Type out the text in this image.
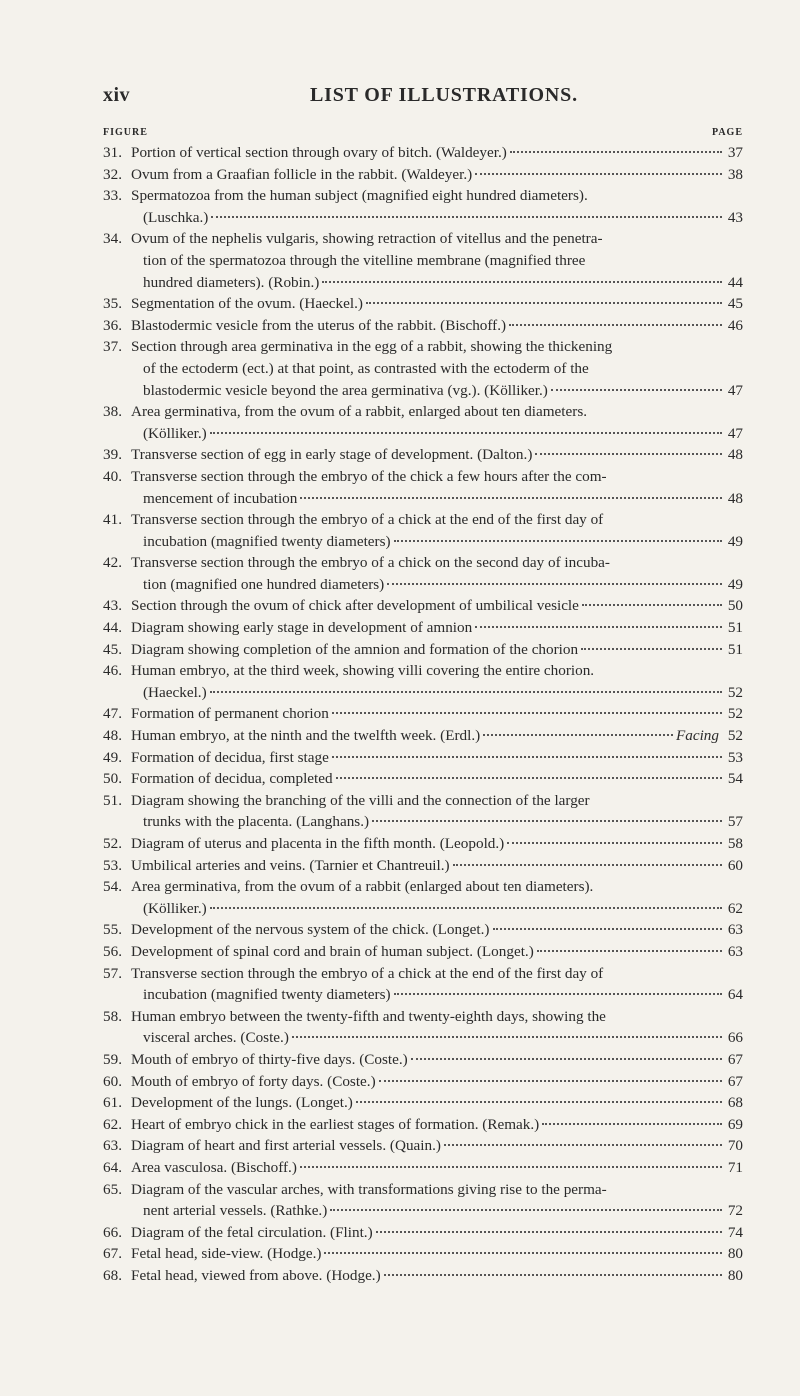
xiv	LIST OF ILLUSTRATIONS.
FIGURE	PAGE
31. Portion of vertical section through ovary of bitch. (Waldeyer.)	37
32. Ovum from a Graafian follicle in the rabbit. (Waldeyer.)	38
33. Spermatozoa from the human subject (magnified eight hundred diameters).
(Luschka.)	43
34. Ovum of the nephelis vulgaris, showing retraction of vitellus and the penetra-
tion of the spermatozoa through the vitelline membrane (magnified three
hundred diameters). (Robin.)	44
35. Segmentation of the ovum. (Haeckel.)	45
36. Blastodermic vesicle from the uterus of the rabbit. (Bischoff.)	46
37. Section through area germinativa in the egg of a rabbit, showing the thickening
of the ectoderm (ect.) at that point, as contrasted with the ectoderm of the
blastodermic vesicle beyond the area germinativa (vg.). (Kölliker.)	47
38. Area germinativa, from the ovum of a rabbit, enlarged about ten diameters.
(Kölliker.)	47
39. Transverse section of egg in early stage of development. (Dalton.)	48
40. Transverse section through the embryo of the chick a few hours after the com-
mencement of incubation	48
41. Transverse section through the embryo of a chick at the end of the first day of
incubation (magnified twenty diameters)	49
42. Transverse section through the embryo of a chick on the second day of incuba-
tion (magnified one hundred diameters)	49
43. Section through the ovum of chick after development of umbilical vesicle	50
44. Diagram showing early stage in development of amnion	51
45. Diagram showing completion of the amnion and formation of the chorion	51
46. Human embryo, at the third week, showing villi covering the entire chorion.
(Haeckel.)	52
47. Formation of permanent chorion	52
48. Human embryo, at the ninth and the twelfth week. (Erdl.)	Facing 52
49. Formation of decidua, first stage	53
50. Formation of decidua, completed	54
51. Diagram showing the branching of the villi and the connection of the larger
trunks with the placenta. (Langhans.)	57
52. Diagram of uterus and placenta in the fifth month. (Leopold.)	58
53. Umbilical arteries and veins. (Tarnier et Chantreuil.)	60
54. Area germinativa, from the ovum of a rabbit (enlarged about ten diameters).
(Kölliker.)	62
55. Development of the nervous system of the chick. (Longet.)	63
56. Development of spinal cord and brain of human subject. (Longet.)	63
57. Transverse section through the embryo of a chick at the end of the first day of
incubation (magnified twenty diameters)	64
58. Human embryo between the twenty-fifth and twenty-eighth days, showing the
visceral arches. (Coste.)	66
59. Mouth of embryo of thirty-five days. (Coste.)	67
60. Mouth of embryo of forty days. (Coste.)	67
61. Development of the lungs. (Longet.)	68
62. Heart of embryo chick in the earliest stages of formation. (Remak.)	69
63. Diagram of heart and first arterial vessels. (Quain.)	70
64. Area vasculosa. (Bischoff.)	71
65. Diagram of the vascular arches, with transformations giving rise to the perma-
nent arterial vessels. (Rathke.)	72
66. Diagram of the fetal circulation. (Flint.)	74
67. Fetal head, side-view. (Hodge.)	80
68. Fetal head, viewed from above. (Hodge.)	80
